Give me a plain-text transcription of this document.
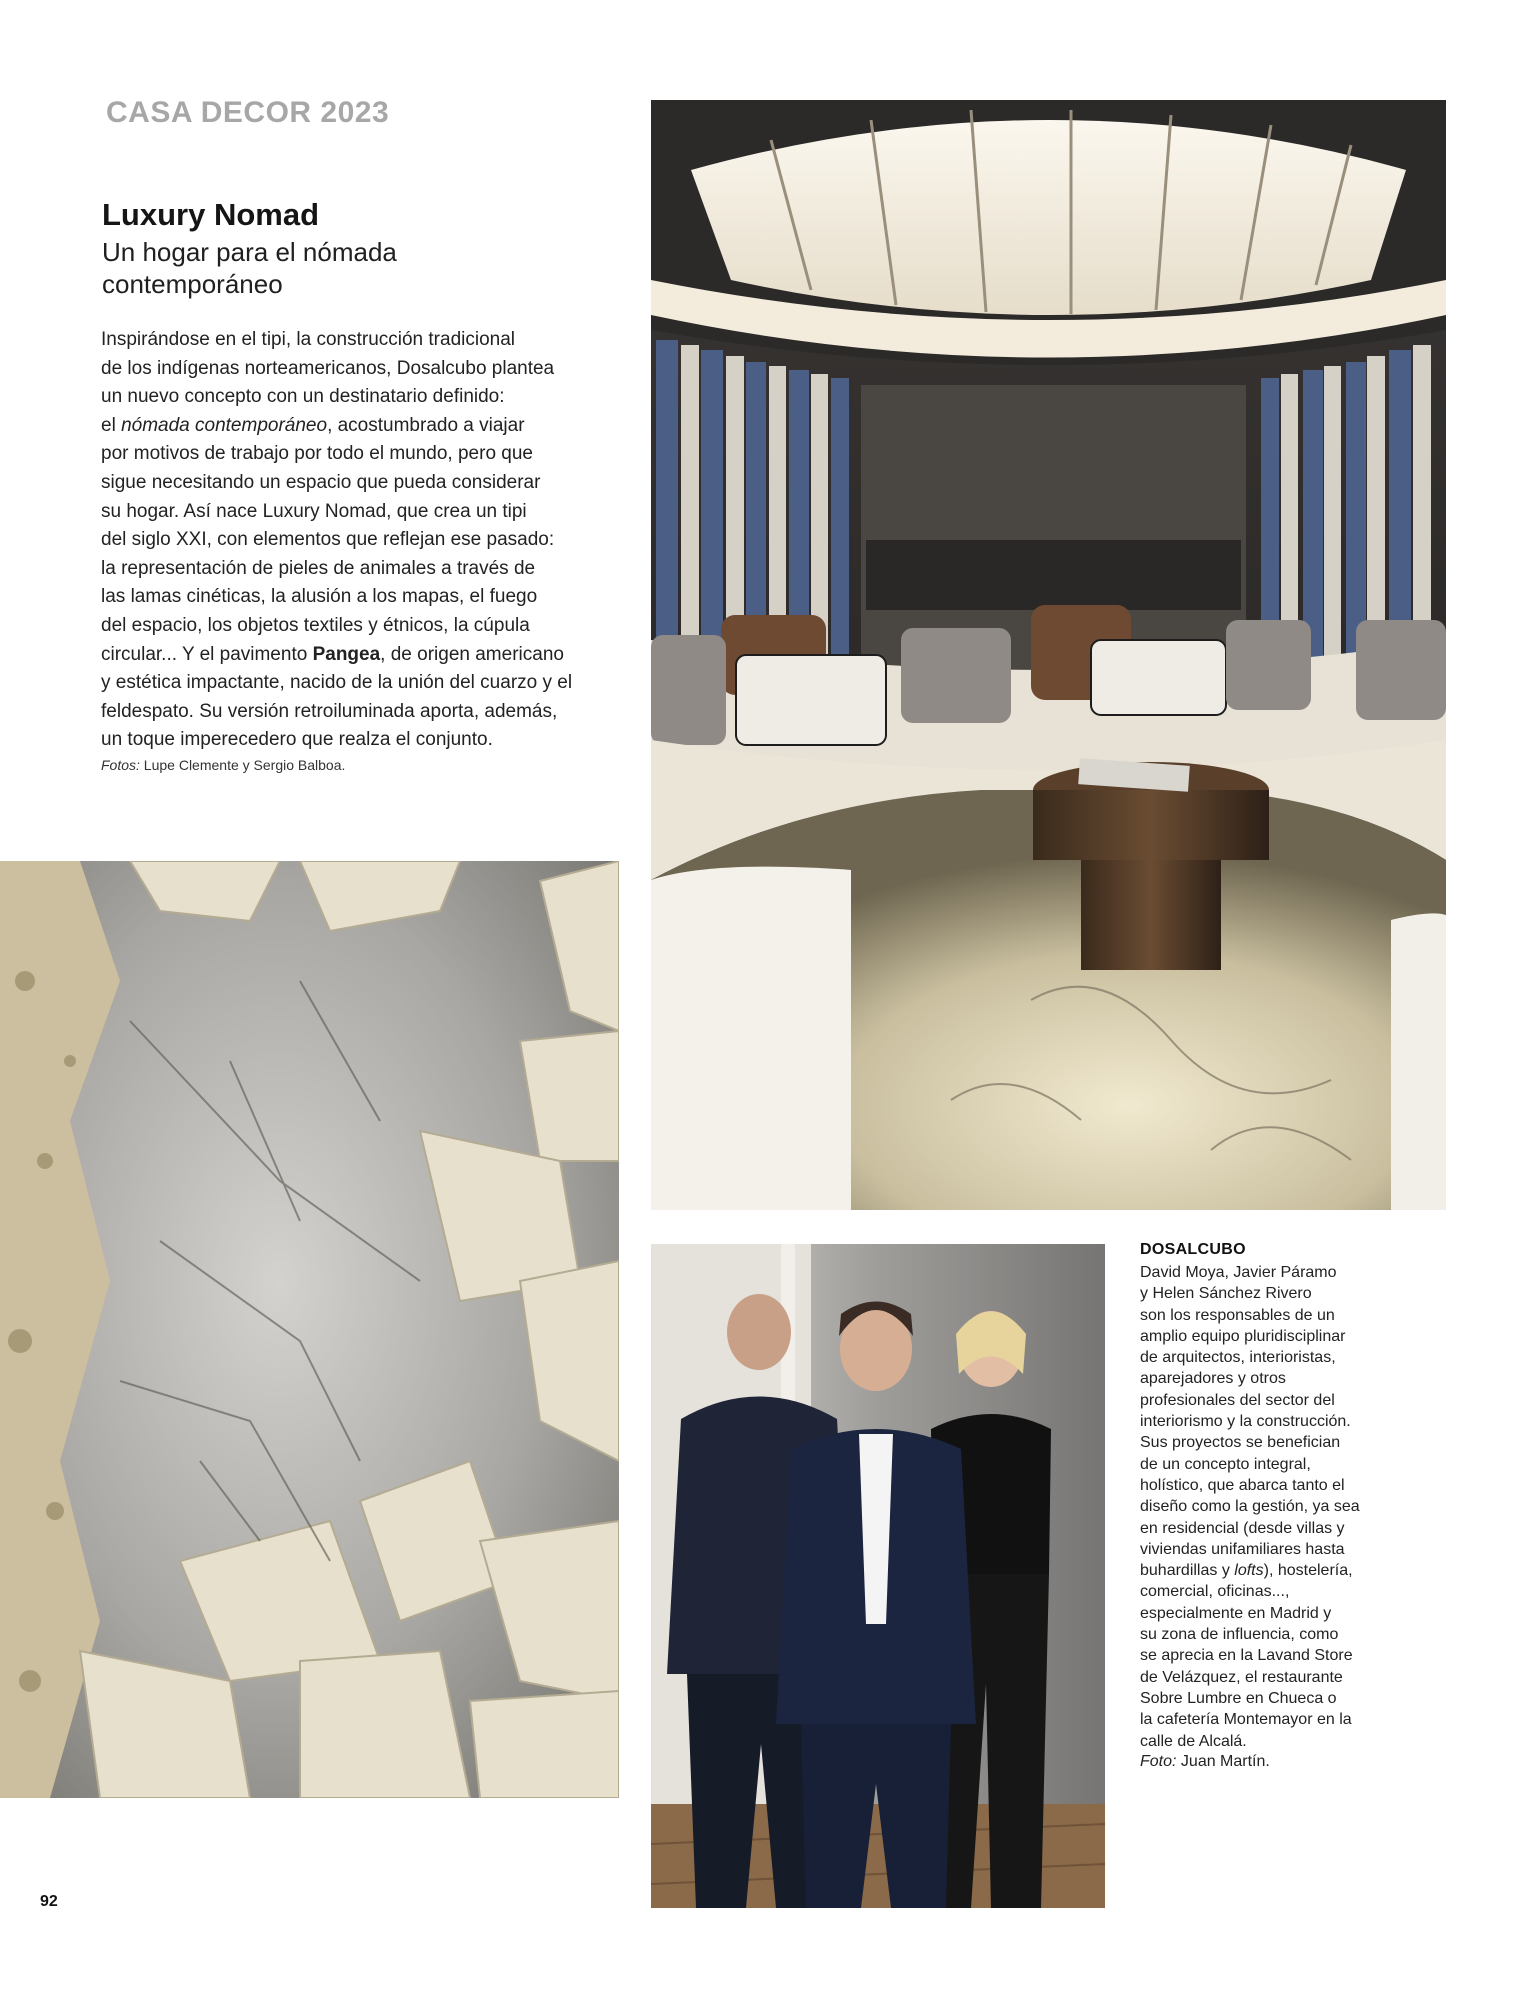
CASA DECOR 2023
Luxury Nomad
Un hogar para el nómada contemporáneo

Inspirándose en el tipi, la construcción tradicional
de los indígenas norteamericanos, Dosalcubo plantea
un nuevo concepto con un destinatario definido:
el nómada contemporáneo, acostumbrado a viajar
por motivos de trabajo por todo el mundo, pero que
sigue necesitando un espacio que pueda considerar
su hogar. Así nace Luxury Nomad, que crea un tipi
del siglo XXI, con elementos que reflejan ese pasado:
la representación de pieles de animales a través de
las lamas cinéticas, la alusión a los mapas, el fuego
del espacio, los objetos textiles y étnicos, la cúpula
circular... Y el pavimento Pangea, de origen americano
y estética impactante, nacido de la unión del cuarzo y el
feldespato. Su versión retroiluminada aporta, además,
un toque imperecedero que realza el conjunto.

Fotos: Lupe Clemente y Sergio Balboa.
DOSALCUBO
David Moya, Javier Páramo
y Helen Sánchez Rivero
son los responsables de un
amplio equipo pluridisciplinar
de arquitectos, interioristas,
aparejadores y otros
profesionales del sector del
interiorismo y la construcción.
Sus proyectos se benefician
de un concepto integral,
holístico, que abarca tanto el
diseño como la gestión, ya sea
en residencial (desde villas y
viviendas unifamiliares hasta
buhardillas y lofts), hostelería,
comercial, oficinas...,
especialmente en Madrid y
su zona de influencia, como
se aprecia en la Lavand Store
de Velázquez, el restaurante
Sobre Lumbre en Chueca o
la cafetería Montemayor en la
calle de Alcalá.
Foto: Juan Martín.
92
